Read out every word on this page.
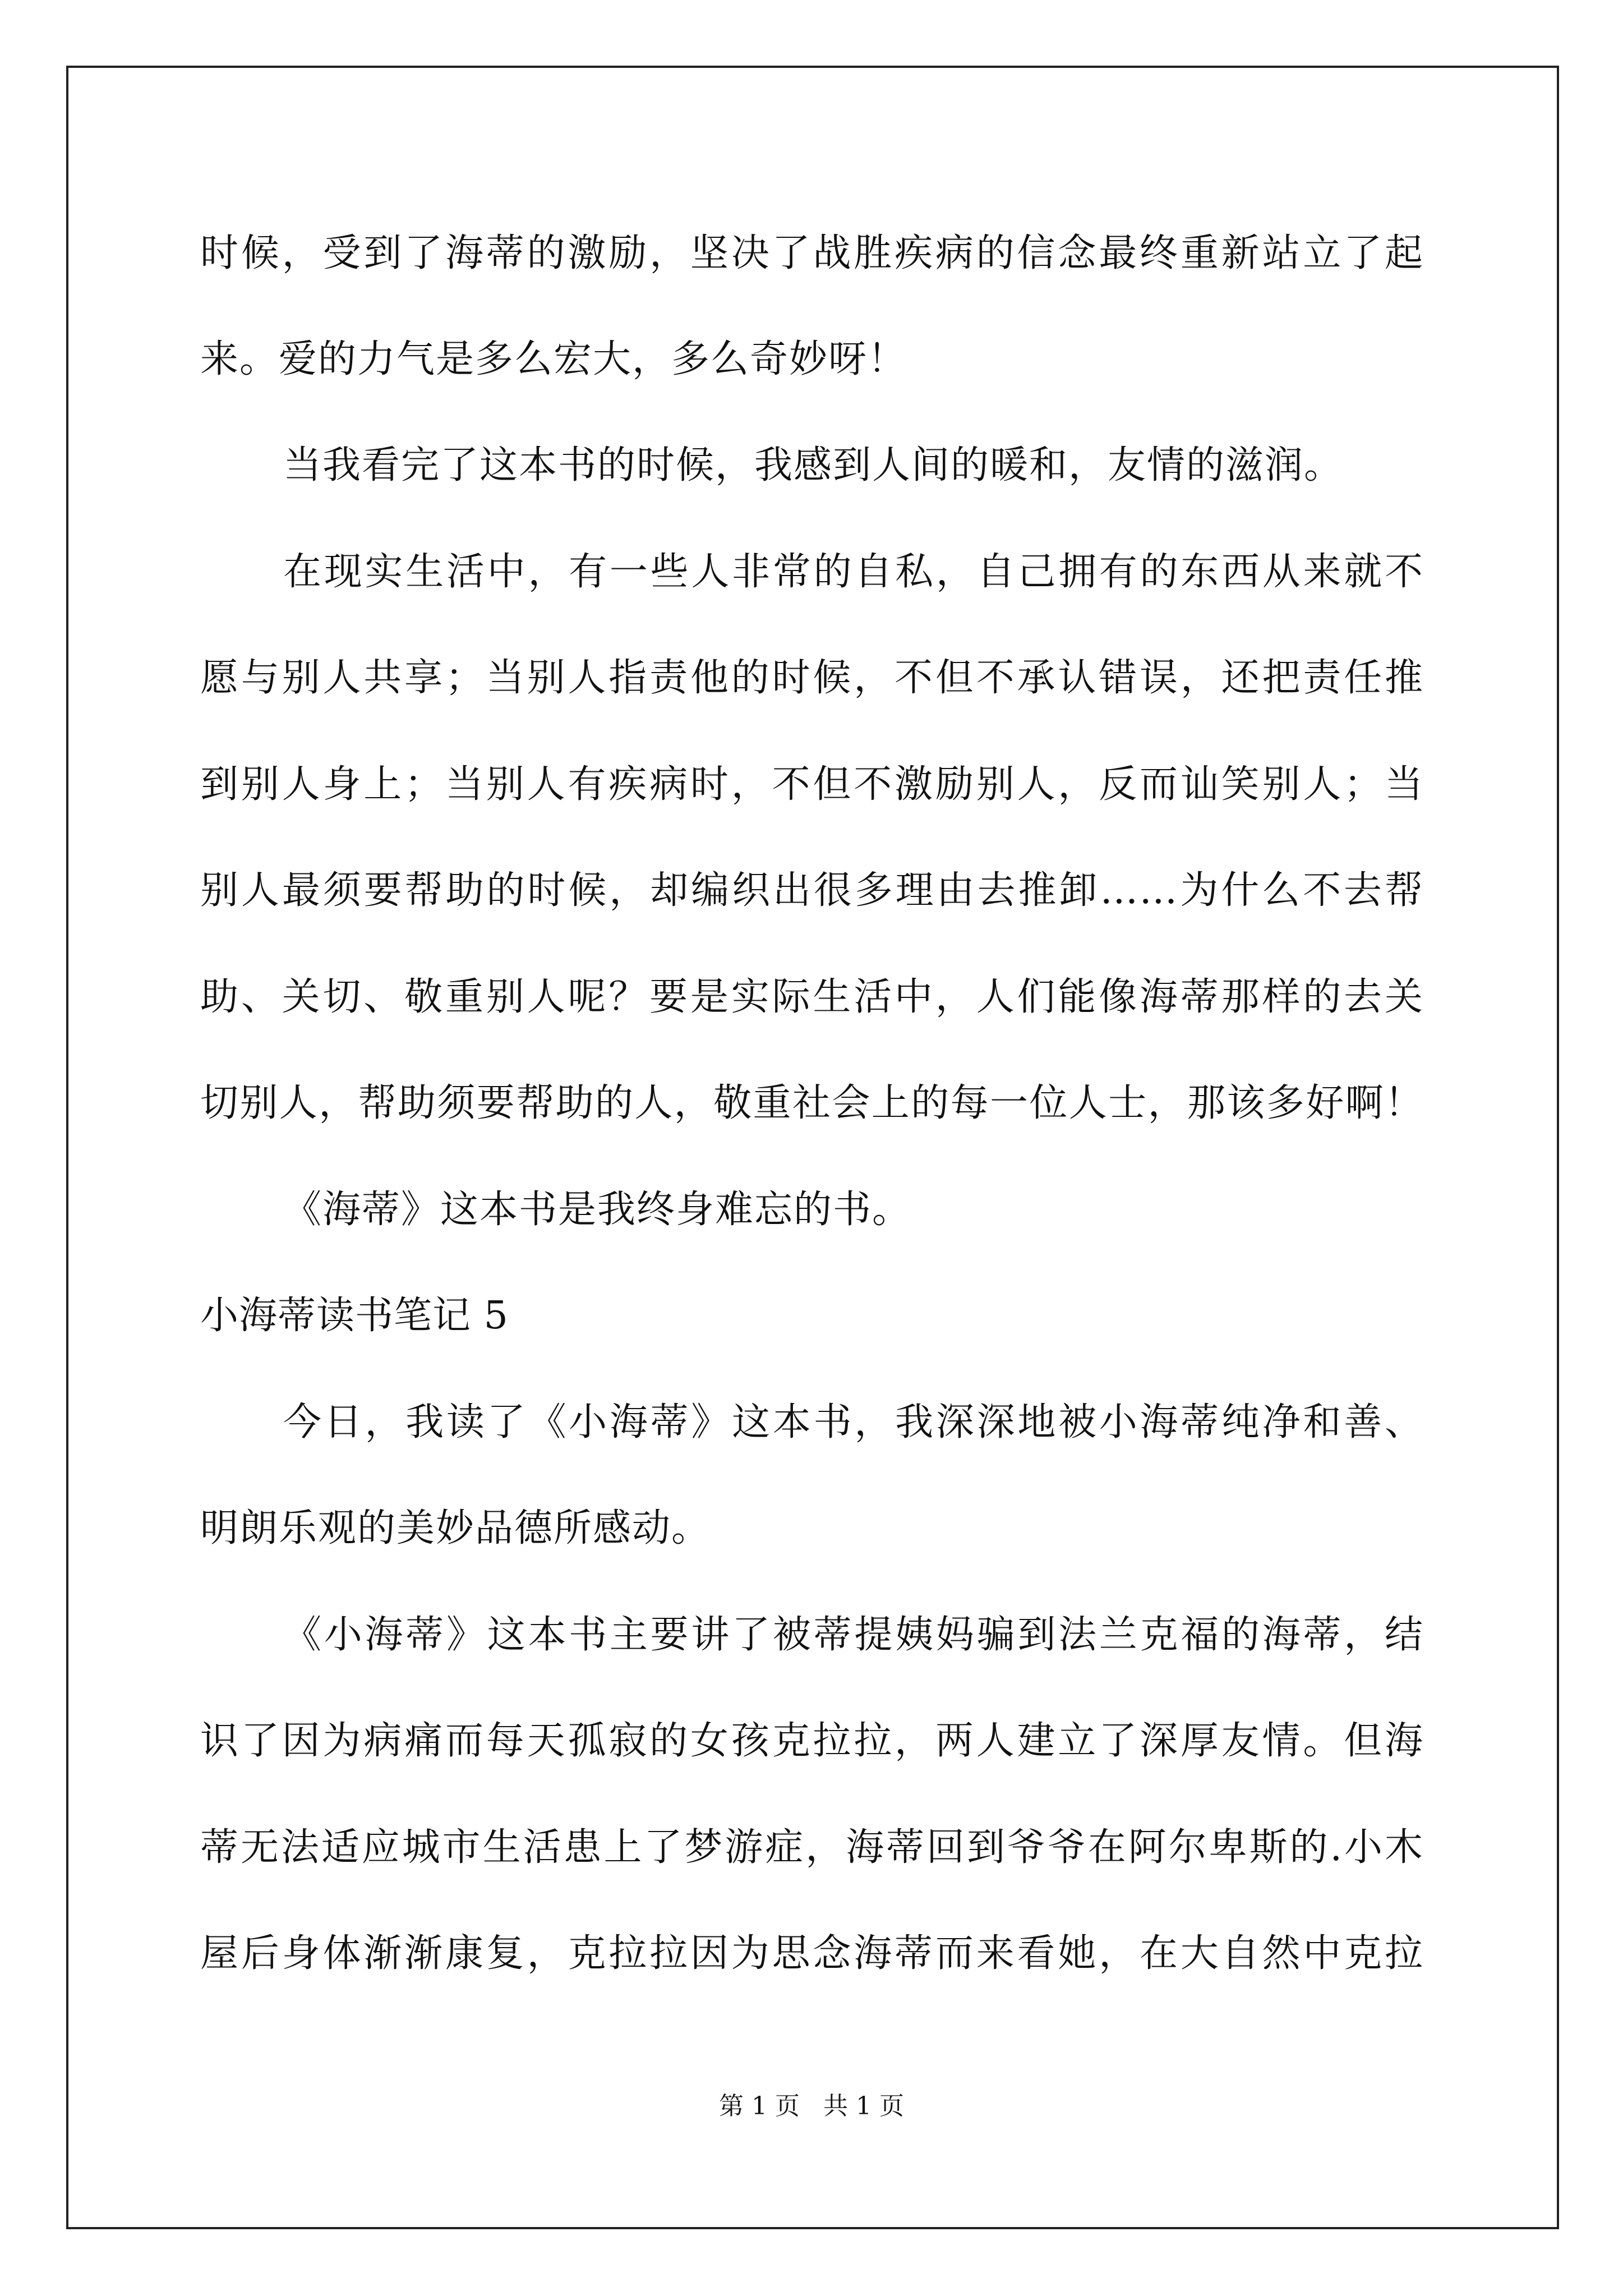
时候，受到了海蒂的激励，坚决了战胜疾病的信念最终重新站立了起
来。爱的力气是多么宏大，多么奇妙呀！
当我看完了这本书的时候，我感到人间的暖和，友情的滋润。
在现实生活中，有一些人非常的自私，自己拥有的东西从来就不
愿与别人共享；当别人指责他的时候，不但不承认错误，还把责任推
到别人身上；当别人有疾病时，不但不激励别人，反而讪笑别人；当
别人最须要帮助的时候，却编织出很多理由去推卸……为什么不去帮
助、关切、敬重别人呢？要是实际生活中，人们能像海蒂那样的去关
切别人，帮助须要帮助的人，敬重社会上的每一位人士，那该多好啊！
《海蒂》这本书是我终身难忘的书。
小海蒂读书笔记 5
今日，我读了《小海蒂》这本书，我深深地被小海蒂纯净和善、
明朗乐观的美妙品德所感动。
《小海蒂》这本书主要讲了被蒂提姨妈骗到法兰克福的海蒂，结
识了因为病痛而每天孤寂的女孩克拉拉，两人建立了深厚友情。但海
蒂无法适应城市生活患上了梦游症，海蒂回到爷爷在阿尔卑斯的.小木
屋后身体渐渐康复，克拉拉因为思念海蒂而来看她，在大自然中克拉
第 1 页   共 1 页
